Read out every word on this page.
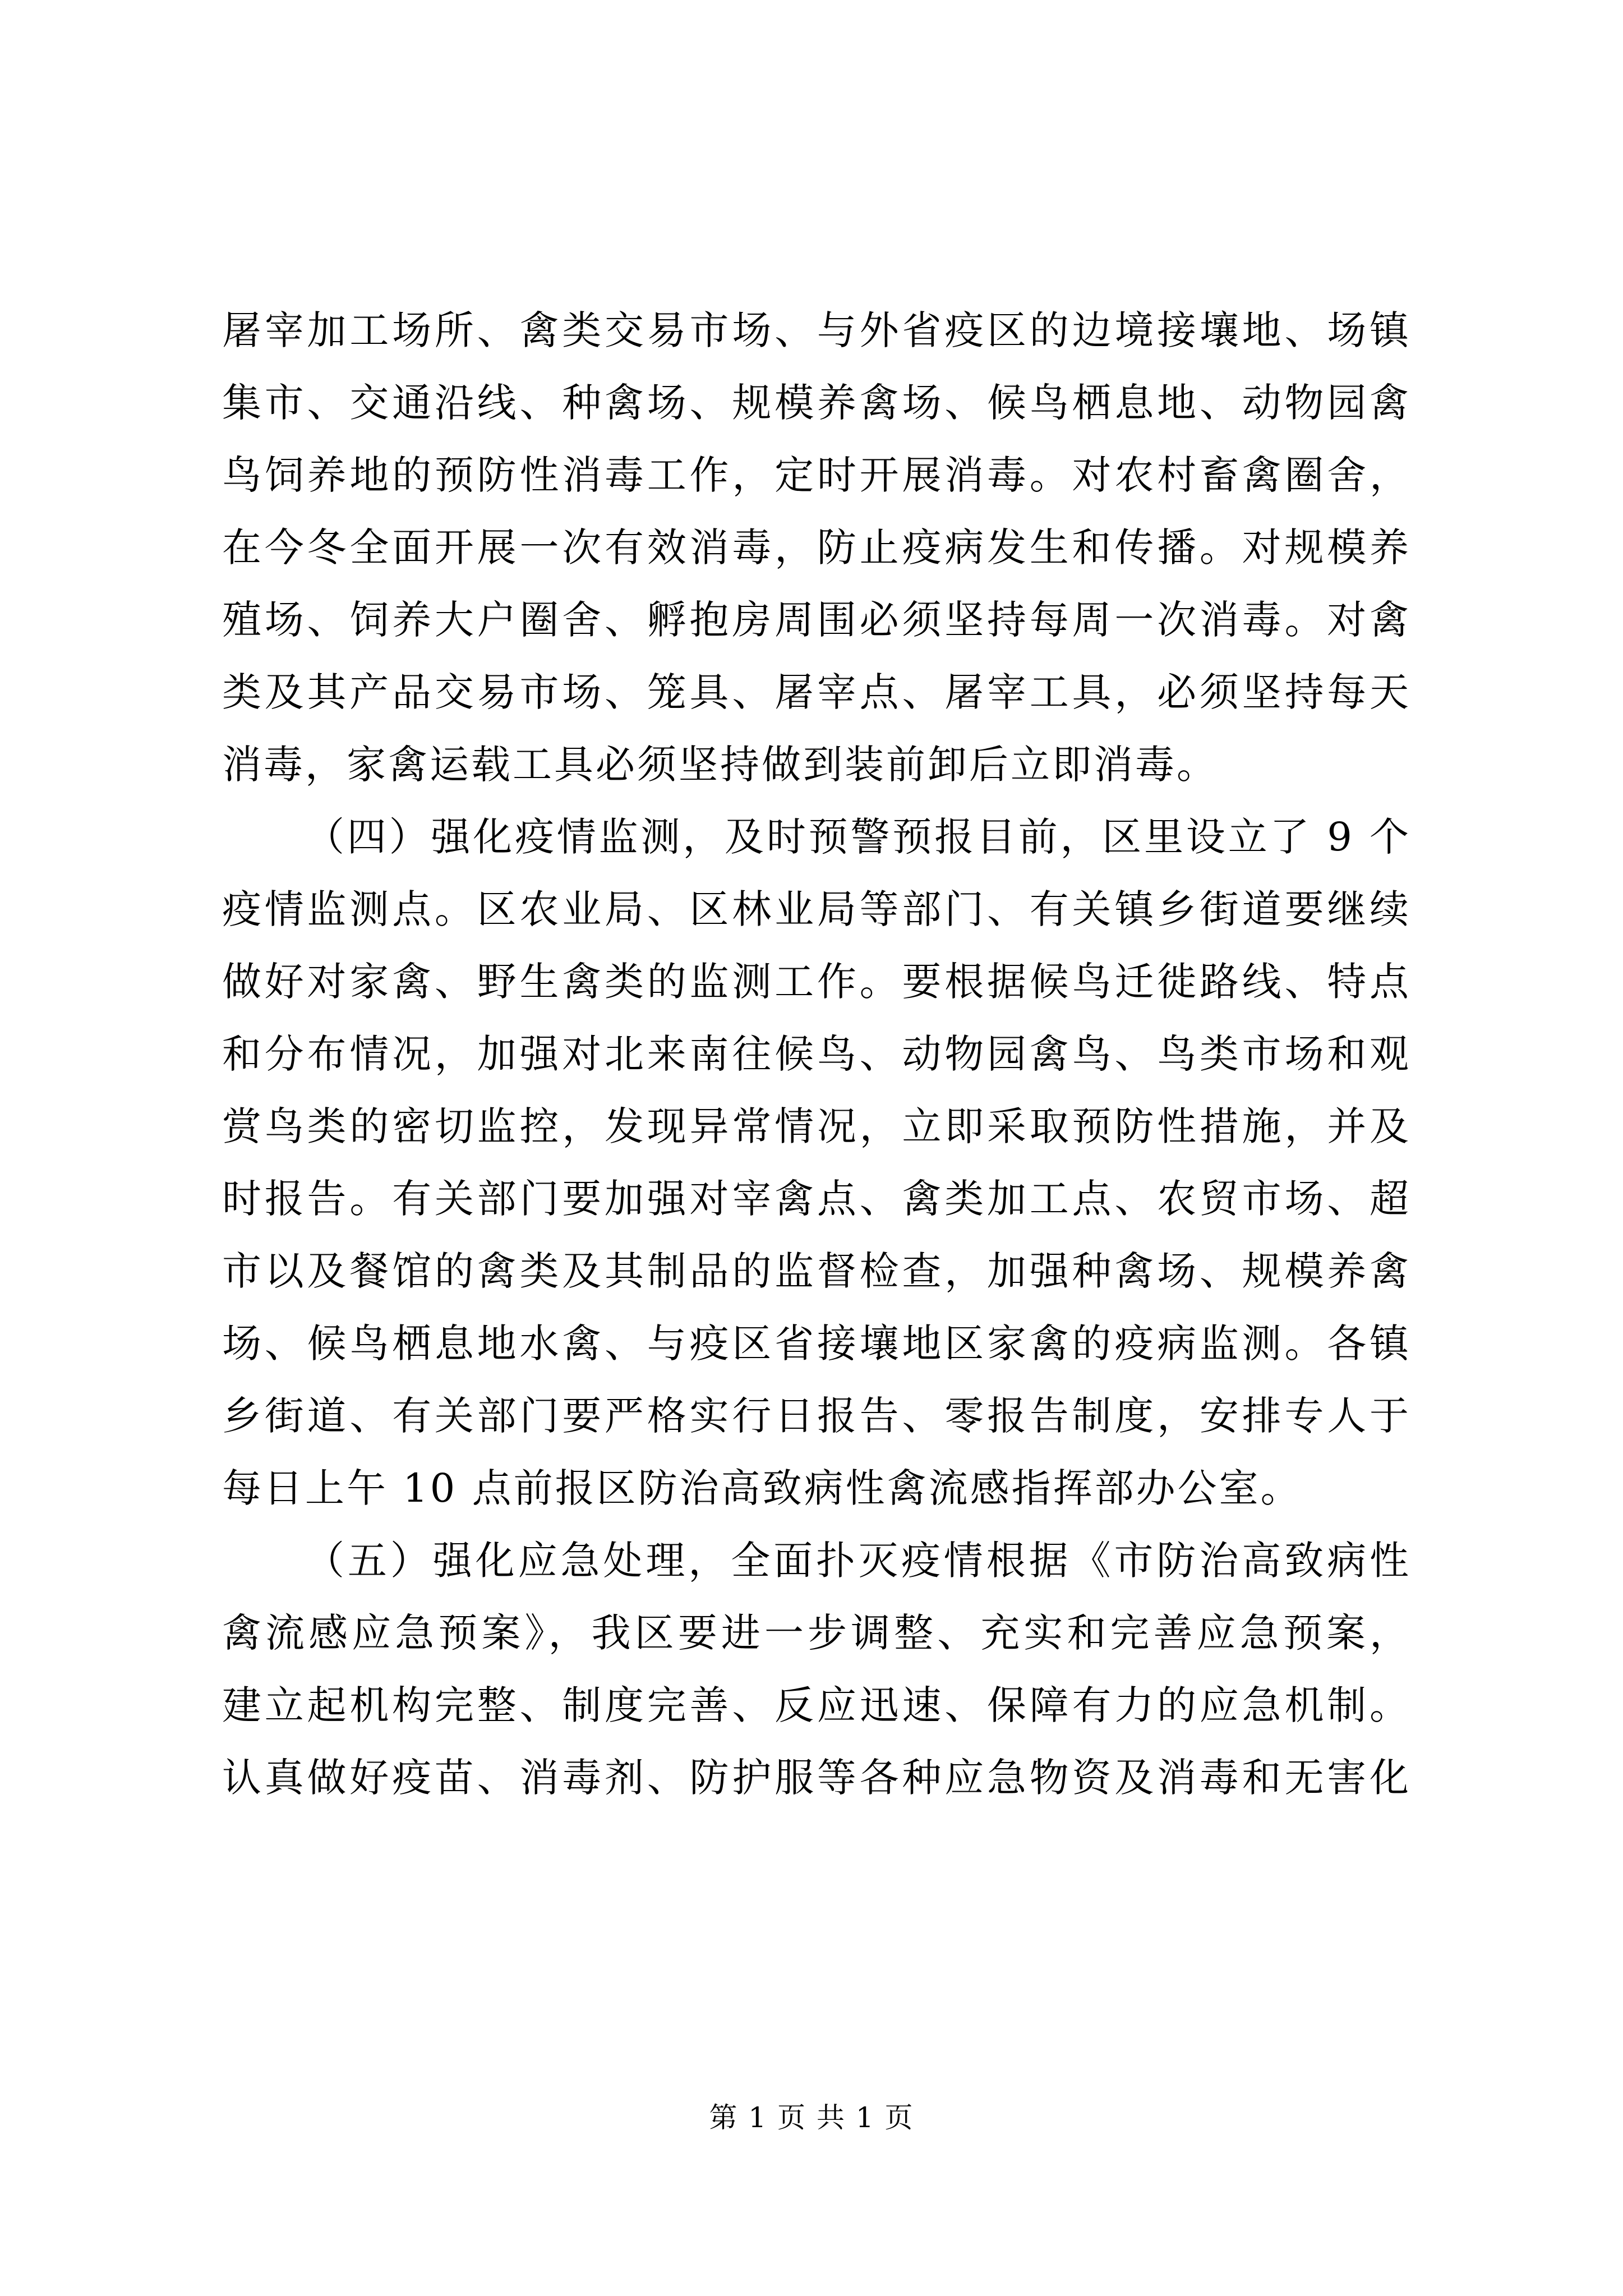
屠宰加工场所、禽类交易市场、与外省疫区的边境接壤地、场镇
集市、交通沿线、种禽场、规模养禽场、候鸟栖息地、动物园禽
鸟饲养地的预防性消毒工作，定时开展消毒。对农村畜禽圈舍，
在今冬全面开展一次有效消毒，防止疫病发生和传播。对规模养
殖场、饲养大户圈舍、孵抱房周围必须坚持每周一次消毒。对禽
类及其产品交易市场、笼具、屠宰点、屠宰工具，必须坚持每天
消毒，家禽运载工具必须坚持做到装前卸后立即消毒。
（四）强化疫情监测，及时预警预报目前，区里设立了 9 个
疫情监测点。区农业局、区林业局等部门、有关镇乡街道要继续
做好对家禽、野生禽类的监测工作。要根据候鸟迁徙路线、特点
和分布情况，加强对北来南往候鸟、动物园禽鸟、鸟类市场和观
赏鸟类的密切监控，发现异常情况，立即采取预防性措施，并及
时报告。有关部门要加强对宰禽点、禽类加工点、农贸市场、超
市以及餐馆的禽类及其制品的监督检查，加强种禽场、规模养禽
场、候鸟栖息地水禽、与疫区省接壤地区家禽的疫病监测。各镇
乡街道、有关部门要严格实行日报告、零报告制度，安排专人于
每日上午 10 点前报区防治高致病性禽流感指挥部办公室。
（五）强化应急处理，全面扑灭疫情根据《市防治高致病性
禽流感应急预案》，我区要进一步调整、充实和完善应急预案，
建立起机构完整、制度完善、反应迅速、保障有力的应急机制。
认真做好疫苗、消毒剂、防护服等各种应急物资及消毒和无害化
第 1 页 共 1 页
